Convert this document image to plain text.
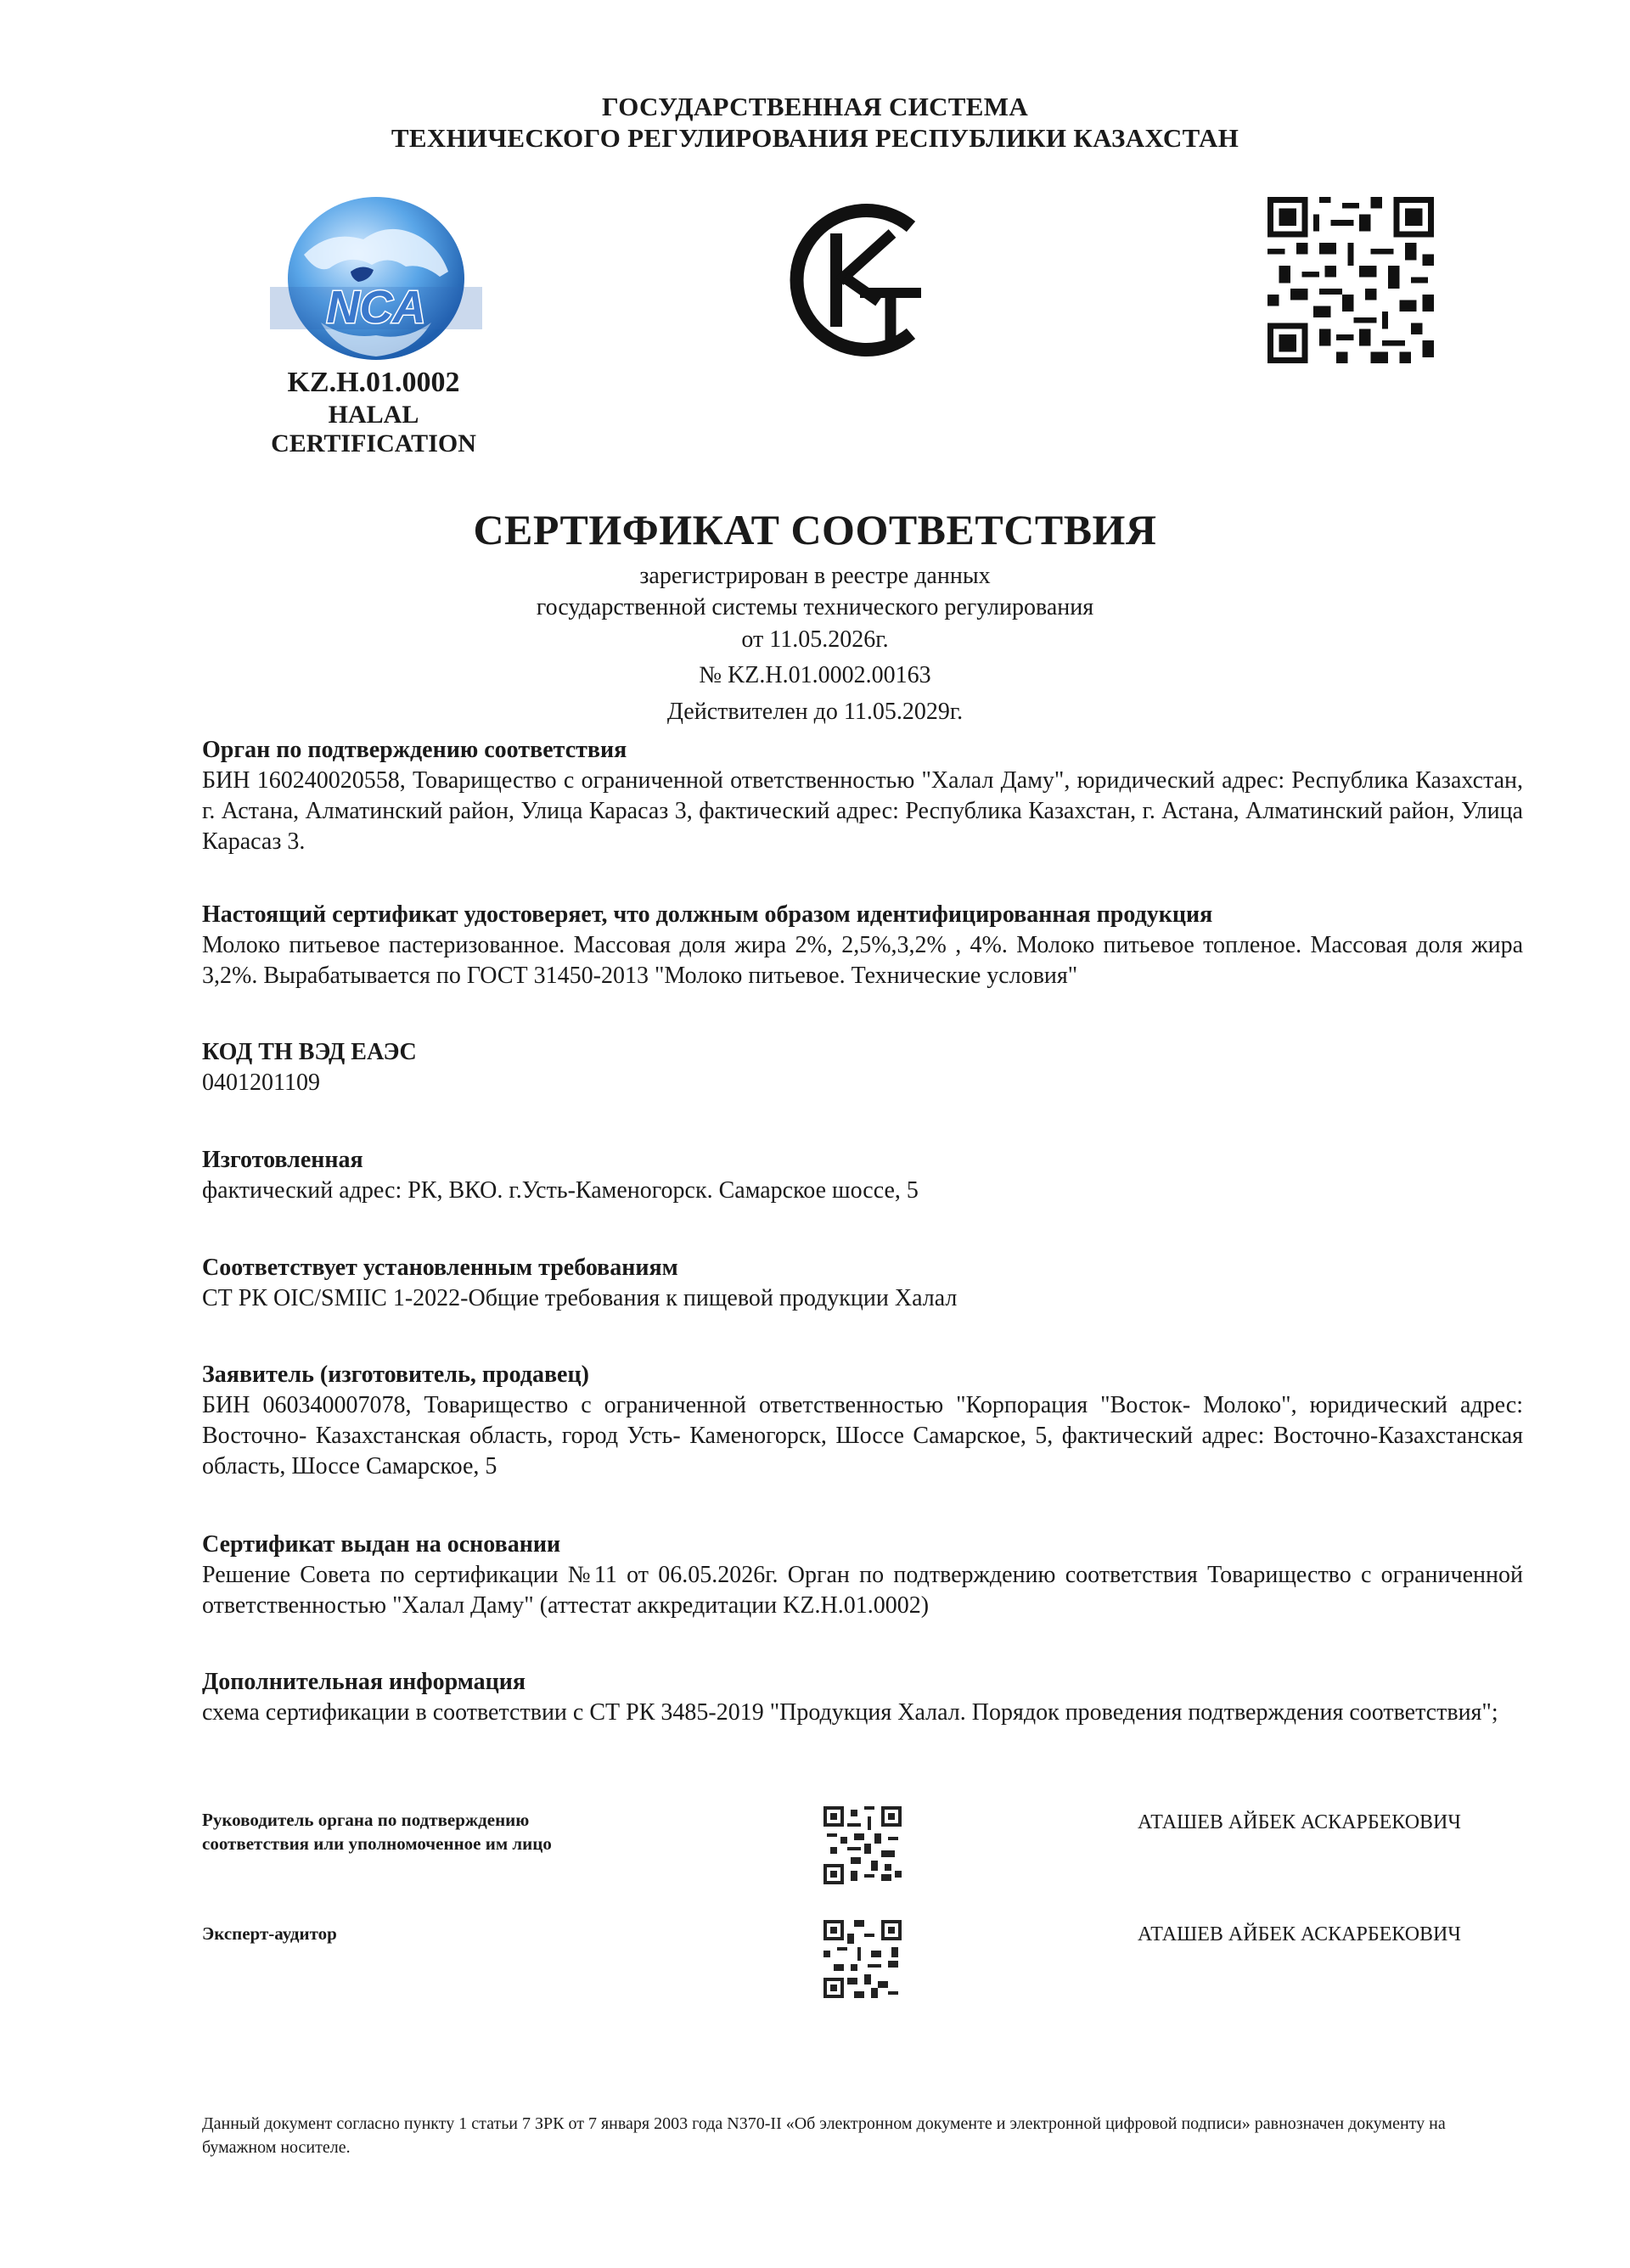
ГОСУДАРСТВЕННАЯ СИСТЕМА
ТЕХНИЧЕСКОГО РЕГУЛИРОВАНИЯ РЕСПУБЛИКИ КАЗАХСТАН
NCA
KZ.H.01.0002
HALAL
CERTIFICATION
СЕРТИФИКАТ СООТВЕТСТВИЯ
зарегистрирован в реестре данных
государственной системы технического регулирования
от 11.05.2026г.
№ KZ.H.01.0002.00163
Действителен до 11.05.2029г.
Орган по подтверждению соответствия
БИН 160240020558, Товарищество с ограниченной ответственностью "Халал Даму", юридический адрес: Республика Казахстан, г. Астана, Алматинский район, Улица Карасаз 3, фактический адрес: Республика Казахстан, г. Астана, Алматинский район, Улица Карасаз 3.
Настоящий сертификат удостоверяет, что должным образом идентифицированная продукция
Молоко питьевое пастеризованное. Массовая доля жира 2%, 2,5%,3,2% , 4%. Молоко питьевое топленое. Массовая доля жира 3,2%. Вырабатывается по ГОСТ 31450-2013 "Молоко питьевое. Технические условия"
КОД ТН ВЭД ЕАЭС
0401201109
Изготовленная
фактический адрес: РК, ВКО. г.Усть-Каменогорск. Самарское шоссе, 5
Соответствует установленным требованиям
СТ РК OIC/SMIIC 1-2022-Общие требования к пищевой продукции Халал
Заявитель (изготовитель, продавец)
БИН 060340007078, Товарищество с ограниченной ответственностью "Корпорация "Восток- Молоко", юридический адрес: Восточно- Казахстанская область, город Усть- Каменогорск, Шоссе Самарское, 5, фактический адрес: Восточно-Казахстанская область, Шоссе Самарское, 5
Сертификат выдан на основании
Решение Совета по сертификации №11 от 06.05.2026г. Орган по подтверждению соответствия Товарищество с ограниченной ответственностью "Халал Даму" (аттестат аккредитации KZ.H.01.0002)
Дополнительная информация
схема сертификации в соответствии с СТ РК 3485-2019 "Продукция Халал. Порядок проведения подтверждения соответствия";
Руководитель органа по подтверждению соответствия или уполномоченное им лицо
АТАШЕВ АЙБЕК АСКАРБЕКОВИЧ
Эксперт-аудитор	АТАШЕВ АЙБЕК АСКАРБЕКОВИЧ
Данный документ согласно пункту 1 статьи 7 ЗРК от 7 января 2003 года N370-II «Об электронном документе и электронной цифровой подписи» равнозначен документу на бумажном носителе.
